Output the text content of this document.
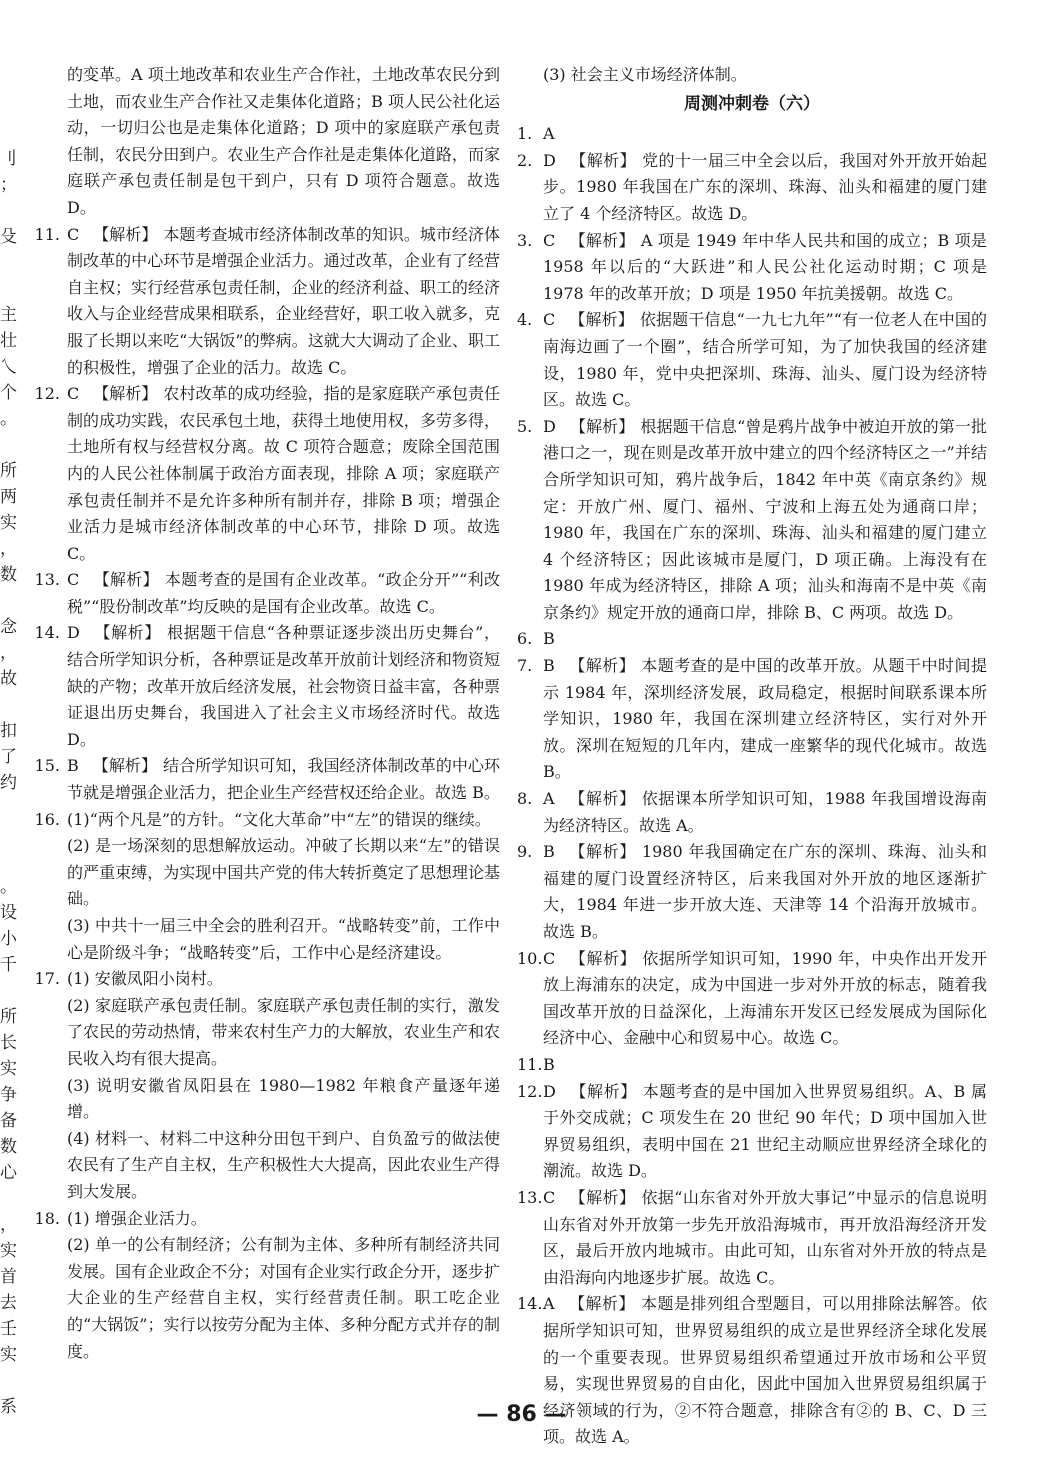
刂
；
殳
主
壮
乀
个
。
所
两
实
，
数
念
，
故
扣
了
约
。
设
小
千
所
长
实
争
备
数
心
，
实
首
去
壬
实
系

的变革。A 项土地改革和农业生产合作社，土地改革农民分到土地，而农业生产合作社又走集体化道路；B 项人民公社化运动，一切归公也是走集体化道路；D 项中的家庭联产承包责任制，农民分田到户。农业生产合作社是走集体化道路，而家庭联产承包责任制是包干到户，只有 D 项符合题意。故选 D。

11. C 【解析】 本题考查城市经济体制改革的知识。城市经济体制改革的中心环节是增强企业活力。通过改革，企业有了经营自主权；实行经营承包责任制，企业的经济利益、职工的经济收入与企业经营成果相联系，企业经营好，职工收入就多，克服了长期以来吃“大锅饭”的弊病。这就大大调动了企业、职工的积极性，增强了企业的活力。故选 C。

12. C 【解析】 农村改革的成功经验，指的是家庭联产承包责任制的成功实践，农民承包土地，获得土地使用权，多劳多得，土地所有权与经营权分离。故 C 项符合题意；废除全国范围内的人民公社体制属于政治方面表现，排除 A 项；家庭联产承包责任制并不是允许多种所有制并存，排除 B 项；增强企业活力是城市经济体制改革的中心环节，排除 D 项。故选 C。

13. C 【解析】 本题考查的是国有企业改革。“政企分开”“利改税”“股份制改革”均反映的是国有企业改革。故选 C。

14. D 【解析】 根据题干信息“各种票证逐步淡出历史舞台”，结合所学知识分析，各种票证是改革开放前计划经济和物资短缺的产物；改革开放后经济发展，社会物资日益丰富，各种票证退出历史舞台，我国进入了社会主义市场经济时代。故选 D。

15. B 【解析】 结合所学知识可知，我国经济体制改革的中心环节就是增强企业活力，把企业生产经营权还给企业。故选 B。

16. (1)“两个凡是”的方针。“文化大革命”中“左”的错误的继续。

(2) 是一场深刻的思想解放运动。冲破了长期以来“左”的错误的严重束缚，为实现中国共产党的伟大转折奠定了思想理论基础。

(3) 中共十一届三中全会的胜利召开。“战略转变”前，工作中心是阶级斗争；“战略转变”后，工作中心是经济建设。

17. (1) 安徽凤阳小岗村。

(2) 家庭联产承包责任制。家庭联产承包责任制的实行，激发了农民的劳动热情，带来农村生产力的大解放，农业生产和农民收入均有很大提高。

(3) 说明安徽省凤阳县在 1980—1982 年粮食产量逐年递增。

(4) 材料一、材料二中这种分田包干到户、自负盈亏的做法使农民有了生产自主权，生产积极性大大提高，因此农业生产得到大发展。

18. (1) 增强企业活力。

(2) 单一的公有制经济；公有制为主体、多种所有制经济共同发展。国有企业政企不分；对国有企业实行政企分开，逐步扩大企业的生产经营自主权，实行经营责任制。职工吃企业的“大锅饭”；实行以按劳分配为主体、多种分配方式并存的制度。

(3) 社会主义市场经济体制。

周测冲刺卷（六）

1. A

2. D 【解析】 党的十一届三中全会以后，我国对外开放开始起步。1980 年我国在广东的深圳、珠海、汕头和福建的厦门建立了 4 个经济特区。故选 D。

3. C 【解析】 A 项是 1949 年中华人民共和国的成立；B 项是 1958 年以后的“大跃进”和人民公社化运动时期；C 项是 1978 年的改革开放；D 项是 1950 年抗美援朝。故选 C。

4. C 【解析】 依据题干信息“一九七九年”“有一位老人在中国的南海边画了一个圈”，结合所学可知，为了加快我国的经济建设，1980 年，党中央把深圳、珠海、汕头、厦门设为经济特区。故选 C。

5. D 【解析】 根据题干信息“曾是鸦片战争中被迫开放的第一批港口之一，现在则是改革开放中建立的四个经济特区之一”并结合所学知识可知，鸦片战争后，1842 年中英《南京条约》规定：开放广州、厦门、福州、宁波和上海五处为通商口岸；1980 年，我国在广东的深圳、珠海、汕头和福建的厦门建立 4 个经济特区；因此该城市是厦门，D 项正确。上海没有在 1980 年成为经济特区，排除 A 项；汕头和海南不是中英《南京条约》规定开放的通商口岸，排除 B、C 两项。故选 D。

6. B

7. B 【解析】 本题考查的是中国的改革开放。从题干中时间提示 1984 年，深圳经济发展，政局稳定，根据时间联系课本所学知识，1980 年，我国在深圳建立经济特区，实行对外开放。深圳在短短的几年内，建成一座繁华的现代化城市。故选 B。

8. A 【解析】 依据课本所学知识可知，1988 年我国增设海南为经济特区。故选 A。

9. B 【解析】 1980 年我国确定在广东的深圳、珠海、汕头和福建的厦门设置经济特区，后来我国对外开放的地区逐渐扩大，1984 年进一步开放大连、天津等 14 个沿海开放城市。故选 B。

10. C 【解析】 依据所学知识可知，1990 年，中央作出开发开放上海浦东的决定，成为中国进一步对外开放的标志，随着我国改革开放的日益深化，上海浦东开发区已经发展成为国际化经济中心、金融中心和贸易中心。故选 C。

11. B

12. D 【解析】 本题考查的是中国加入世界贸易组织。A、B 属于外交成就；C 项发生在 20 世纪 90 年代；D 项中国加入世界贸易组织，表明中国在 21 世纪主动顺应世界经济全球化的潮流。故选 D。

13. C 【解析】 依据“山东省对外开放大事记”中显示的信息说明山东省对外开放第一步先开放沿海城市，再开放沿海经济开发区，最后开放内地城市。由此可知，山东省对外开放的特点是由沿海向内地逐步扩展。故选 C。

14. A 【解析】 本题是排列组合型题目，可以用排除法解答。依据所学知识可知，世界贸易组织的成立是世界经济全球化发展的一个重要表现。世界贸易组织希望通过开放市场和公平贸易，实现世界贸易的自由化，因此中国加入世界贸易组织属于经济领域的行为，②不符合题意，排除含有②的 B、C、D 三项。故选 A。

— 86 —
